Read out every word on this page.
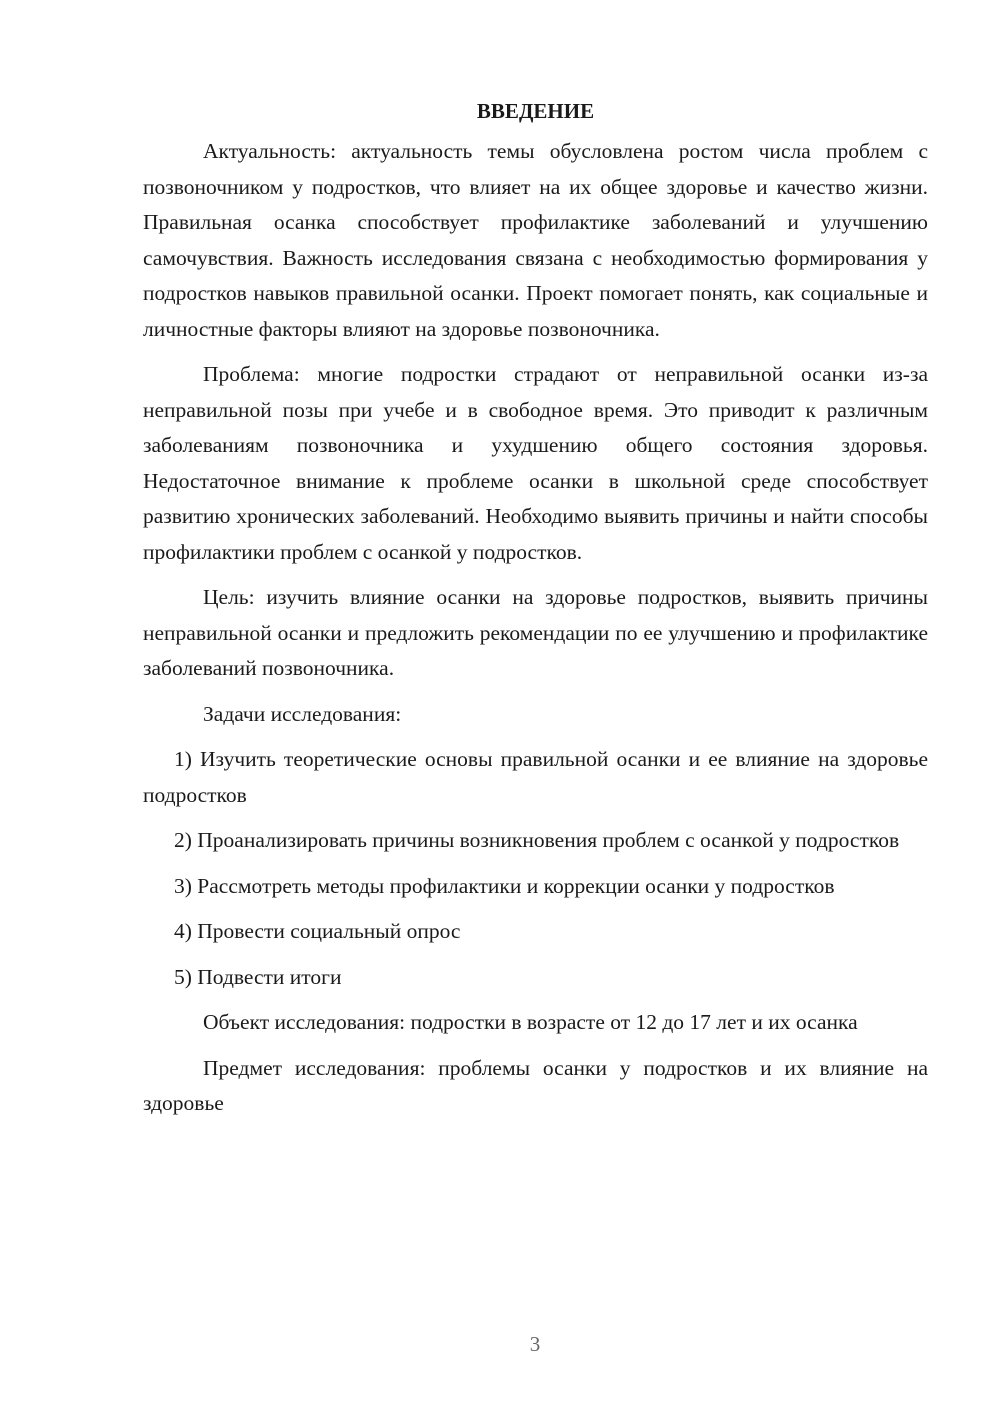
ВВЕДЕНИЕ

Актуальность: актуальность темы обусловлена ростом числа проблем с позвоночником у подростков, что влияет на их общее здоровье и качество жизни. Правильная осанка способствует профилактике заболеваний и улучшению самочувствия. Важность исследования связана с необходимостью формирования у подростков навыков правильной осанки. Проект помогает понять, как социальные и личностные факторы влияют на здоровье позвоночника.

Проблема: многие подростки страдают от неправильной осанки из-за неправильной позы при учебе и в свободное время. Это приводит к различным заболеваниям позвоночника и ухудшению общего состояния здоровья. Недостаточное внимание к проблеме осанки в школьной среде способствует развитию хронических заболеваний. Необходимо выявить причины и найти способы профилактики проблем с осанкой у подростков.

Цель: изучить влияние осанки на здоровье подростков, выявить причины неправильной осанки и предложить рекомендации по ее улучшению и профилактике заболеваний позвоночника.

Задачи исследования:

1) Изучить теоретические основы правильной осанки и ее влияние на здоровье подростков

2) Проанализировать причины возникновения проблем с осанкой у подростков

3) Рассмотреть методы профилактики и коррекции осанки у подростков

4) Провести социальный опрос

5) Подвести итоги

Объект исследования: подростки в возрасте от 12 до 17 лет и их осанка

Предмет исследования: проблемы осанки у подростков и их влияние на здоровье

3
